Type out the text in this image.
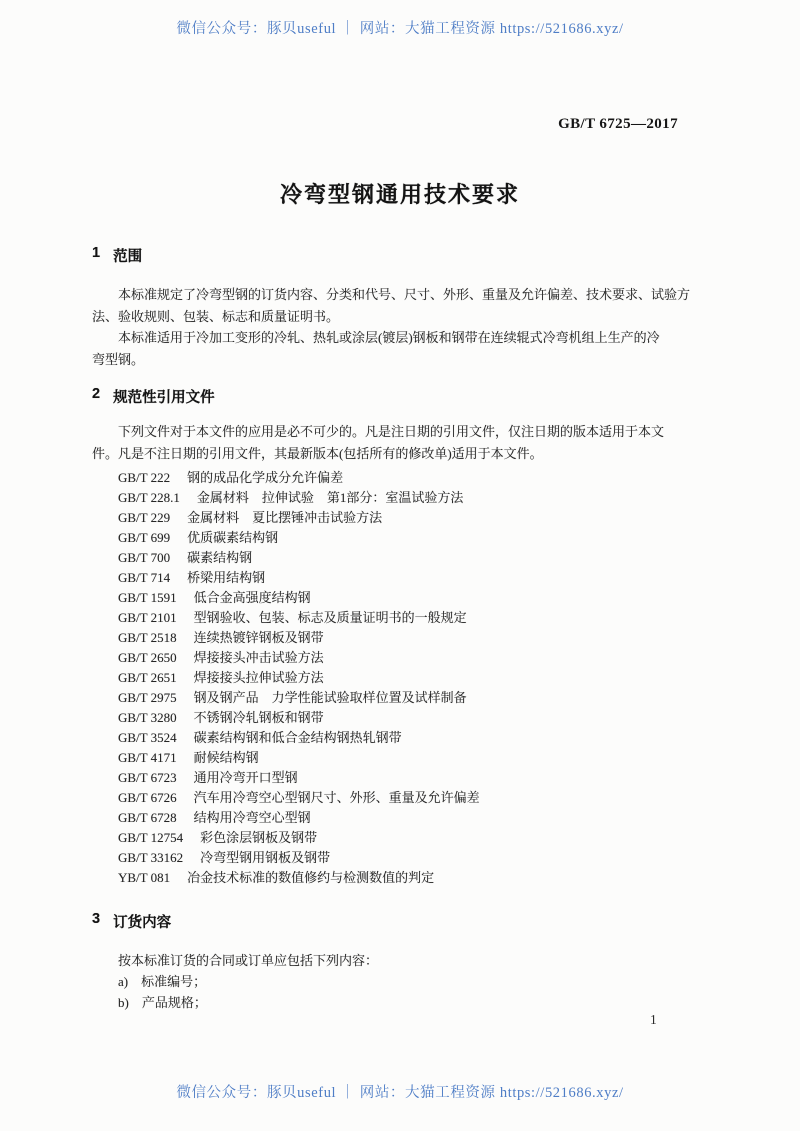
微信公众号：豚贝useful ｜ 网站：大猫工程资源 https://521686.xyz/
GB/T 6725—2017
冷弯型钢通用技术要求
1 范围
本标准规定了冷弯型钢的订货内容、分类和代号、尺寸、外形、重量及允许偏差、技术要求、试验方
法、验收规则、包装、标志和质量证明书。
本标准适用于冷加工变形的冷轧、热轧或涂层(镀层)钢板和钢带在连续辊式冷弯机组上生产的冷
弯型钢。
2 规范性引用文件
下列文件对于本文件的应用是必不可少的。凡是注日期的引用文件，仅注日期的版本适用于本文
件。凡是不注日期的引用文件，其最新版本(包括所有的修改单)适用于本文件。
GB/T 222 钢的成品化学成分允许偏差
GB/T 228.1 金属材料　拉伸试验　第1部分：室温试验方法
GB/T 229 金属材料　夏比摆锤冲击试验方法
GB/T 699 优质碳素结构钢
GB/T 700 碳素结构钢
GB/T 714 桥梁用结构钢
GB/T 1591 低合金高强度结构钢
GB/T 2101 型钢验收、包装、标志及质量证明书的一般规定
GB/T 2518 连续热镀锌钢板及钢带
GB/T 2650 焊接接头冲击试验方法
GB/T 2651 焊接接头拉伸试验方法
GB/T 2975 钢及钢产品　力学性能试验取样位置及试样制备
GB/T 3280 不锈钢冷轧钢板和钢带
GB/T 3524 碳素结构钢和低合金结构钢热轧钢带
GB/T 4171 耐候结构钢
GB/T 6723 通用冷弯开口型钢
GB/T 6726 汽车用冷弯空心型钢尺寸、外形、重量及允许偏差
GB/T 6728 结构用冷弯空心型钢
GB/T 12754 彩色涂层钢板及钢带
GB/T 33162 冷弯型钢用钢板及钢带
YB/T 081 冶金技术标准的数值修约与检测数值的判定
3 订货内容
按本标准订货的合同或订单应包括下列内容：
a) 标准编号；
b) 产品规格；
1
微信公众号：豚贝useful ｜ 网站：大猫工程资源 https://521686.xyz/
